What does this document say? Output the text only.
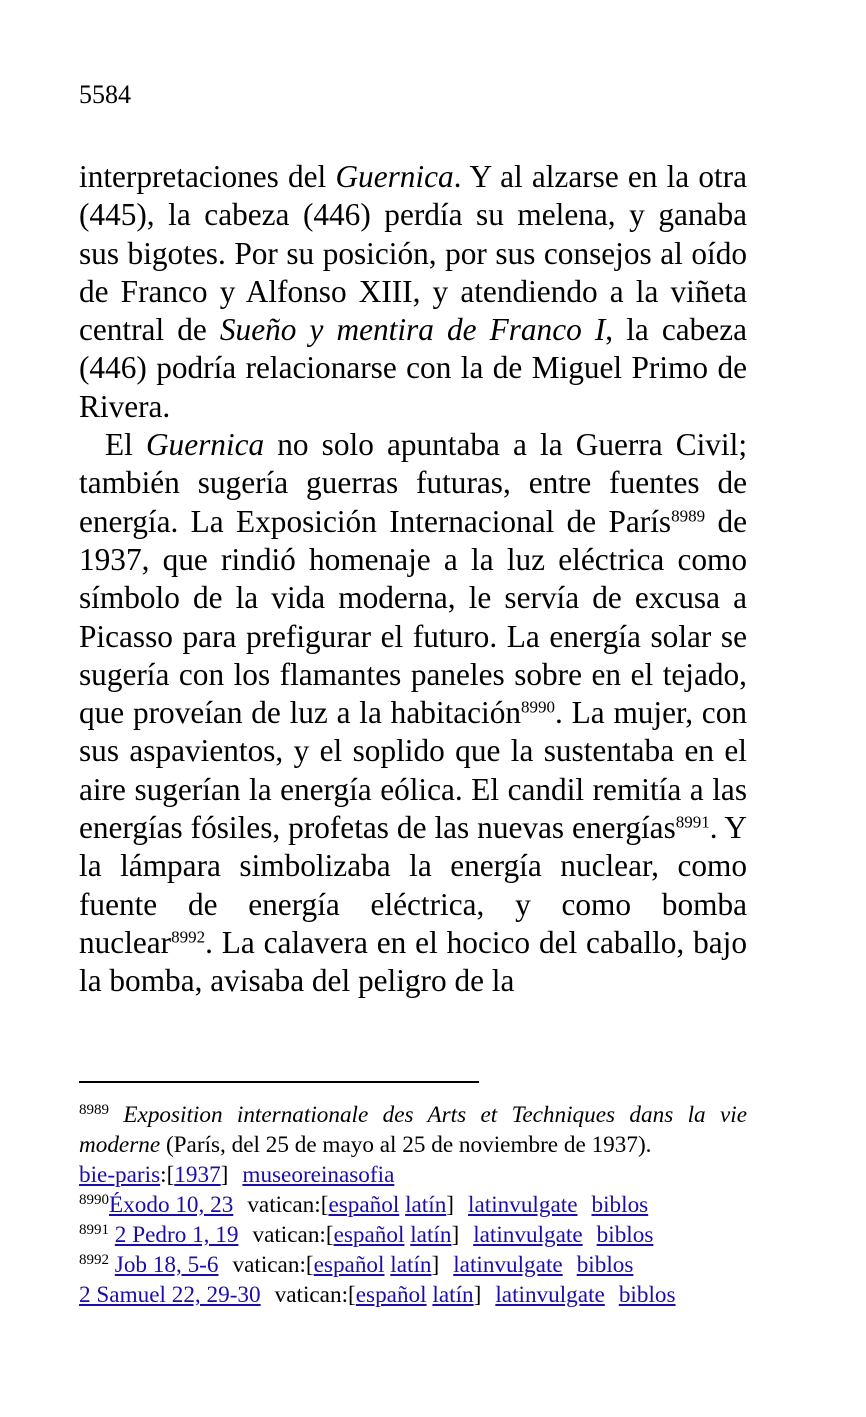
5584

interpretaciones del Guernica. Y al alzarse en la otra (445), la cabeza (446) perdía su melena, y ganaba sus bigotes. Por su posición, por sus consejos al oído de Franco y Alfonso XIII, y atendiendo a la viñeta central de Sueño y mentira de Franco I, la cabeza (446) podría relacionarse con la de Miguel Primo de Rivera.

El Guernica no solo apuntaba a la Guerra Civil; también sugería guerras futuras, entre fuentes de energía. La Exposición Internacional de París$^{8989}$ de 1937, que rindió homenaje a la luz eléctrica como símbolo de la vida moderna, le servía de excusa a Picasso para prefigurar el futuro. La energía solar se sugería con los flamantes paneles sobre en el tejado, que proveían de luz a la habitación$^{8990}$. La mujer, con sus aspavientos, y el soplido que la sustentaba en el aire sugerían la energía eólica. El candil remitía a las energías fósiles, profetas de las nuevas energías$^{8991}$. Y la lámpara simbolizaba la energía nuclear, como fuente de energía eléctrica, y como bomba nuclear$^{8992}$. La calavera en el hocico del caballo, bajo la bomba, avisaba del peligro de la

$^{8989}$ Exposition internationale des Arts et Techniques dans la vie moderne (París, del 25 de mayo al 25 de noviembre de 1937).

bie-paris:[1937] museoreinasofia
$^{8990}$Éxodo 10, 23 vatican:[español latín] latinvulgate biblos
$^{8991}$ 2 Pedro 1, 19 vatican:[español latín] latinvulgate biblos
$^{8992}$ Job 18, 5-6 vatican:[español latín] latinvulgate biblos
2 Samuel 22, 29-30 vatican:[español latín] latinvulgate biblos
